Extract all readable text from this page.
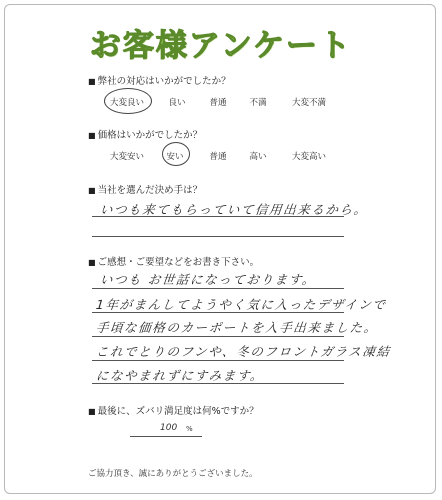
お客様アンケート
■ 弊社の対応はいかがでしたか？
大変良い	良い	普通	不満	大変不満
■ 価格はいかがでしたか？
大変安い	安い	普通	高い	大変高い
■ 当社を選んだ決め手は？
いつも来てもらっていて信用出来るから。
■ ご感想・ご要望などをお書き下さい。
いつも お世話になっております。
1年がまんしてようやく気に入ったデザインで
手頃な価格のカーポートを入手出来ました。
これでとりのフンや、冬のフロントガラス凍結
になやまれずにすみます。
■ 最後に、ズバリ満足度は何%ですか？
100 %
ご協力頂き、誠にありがとうございました。
